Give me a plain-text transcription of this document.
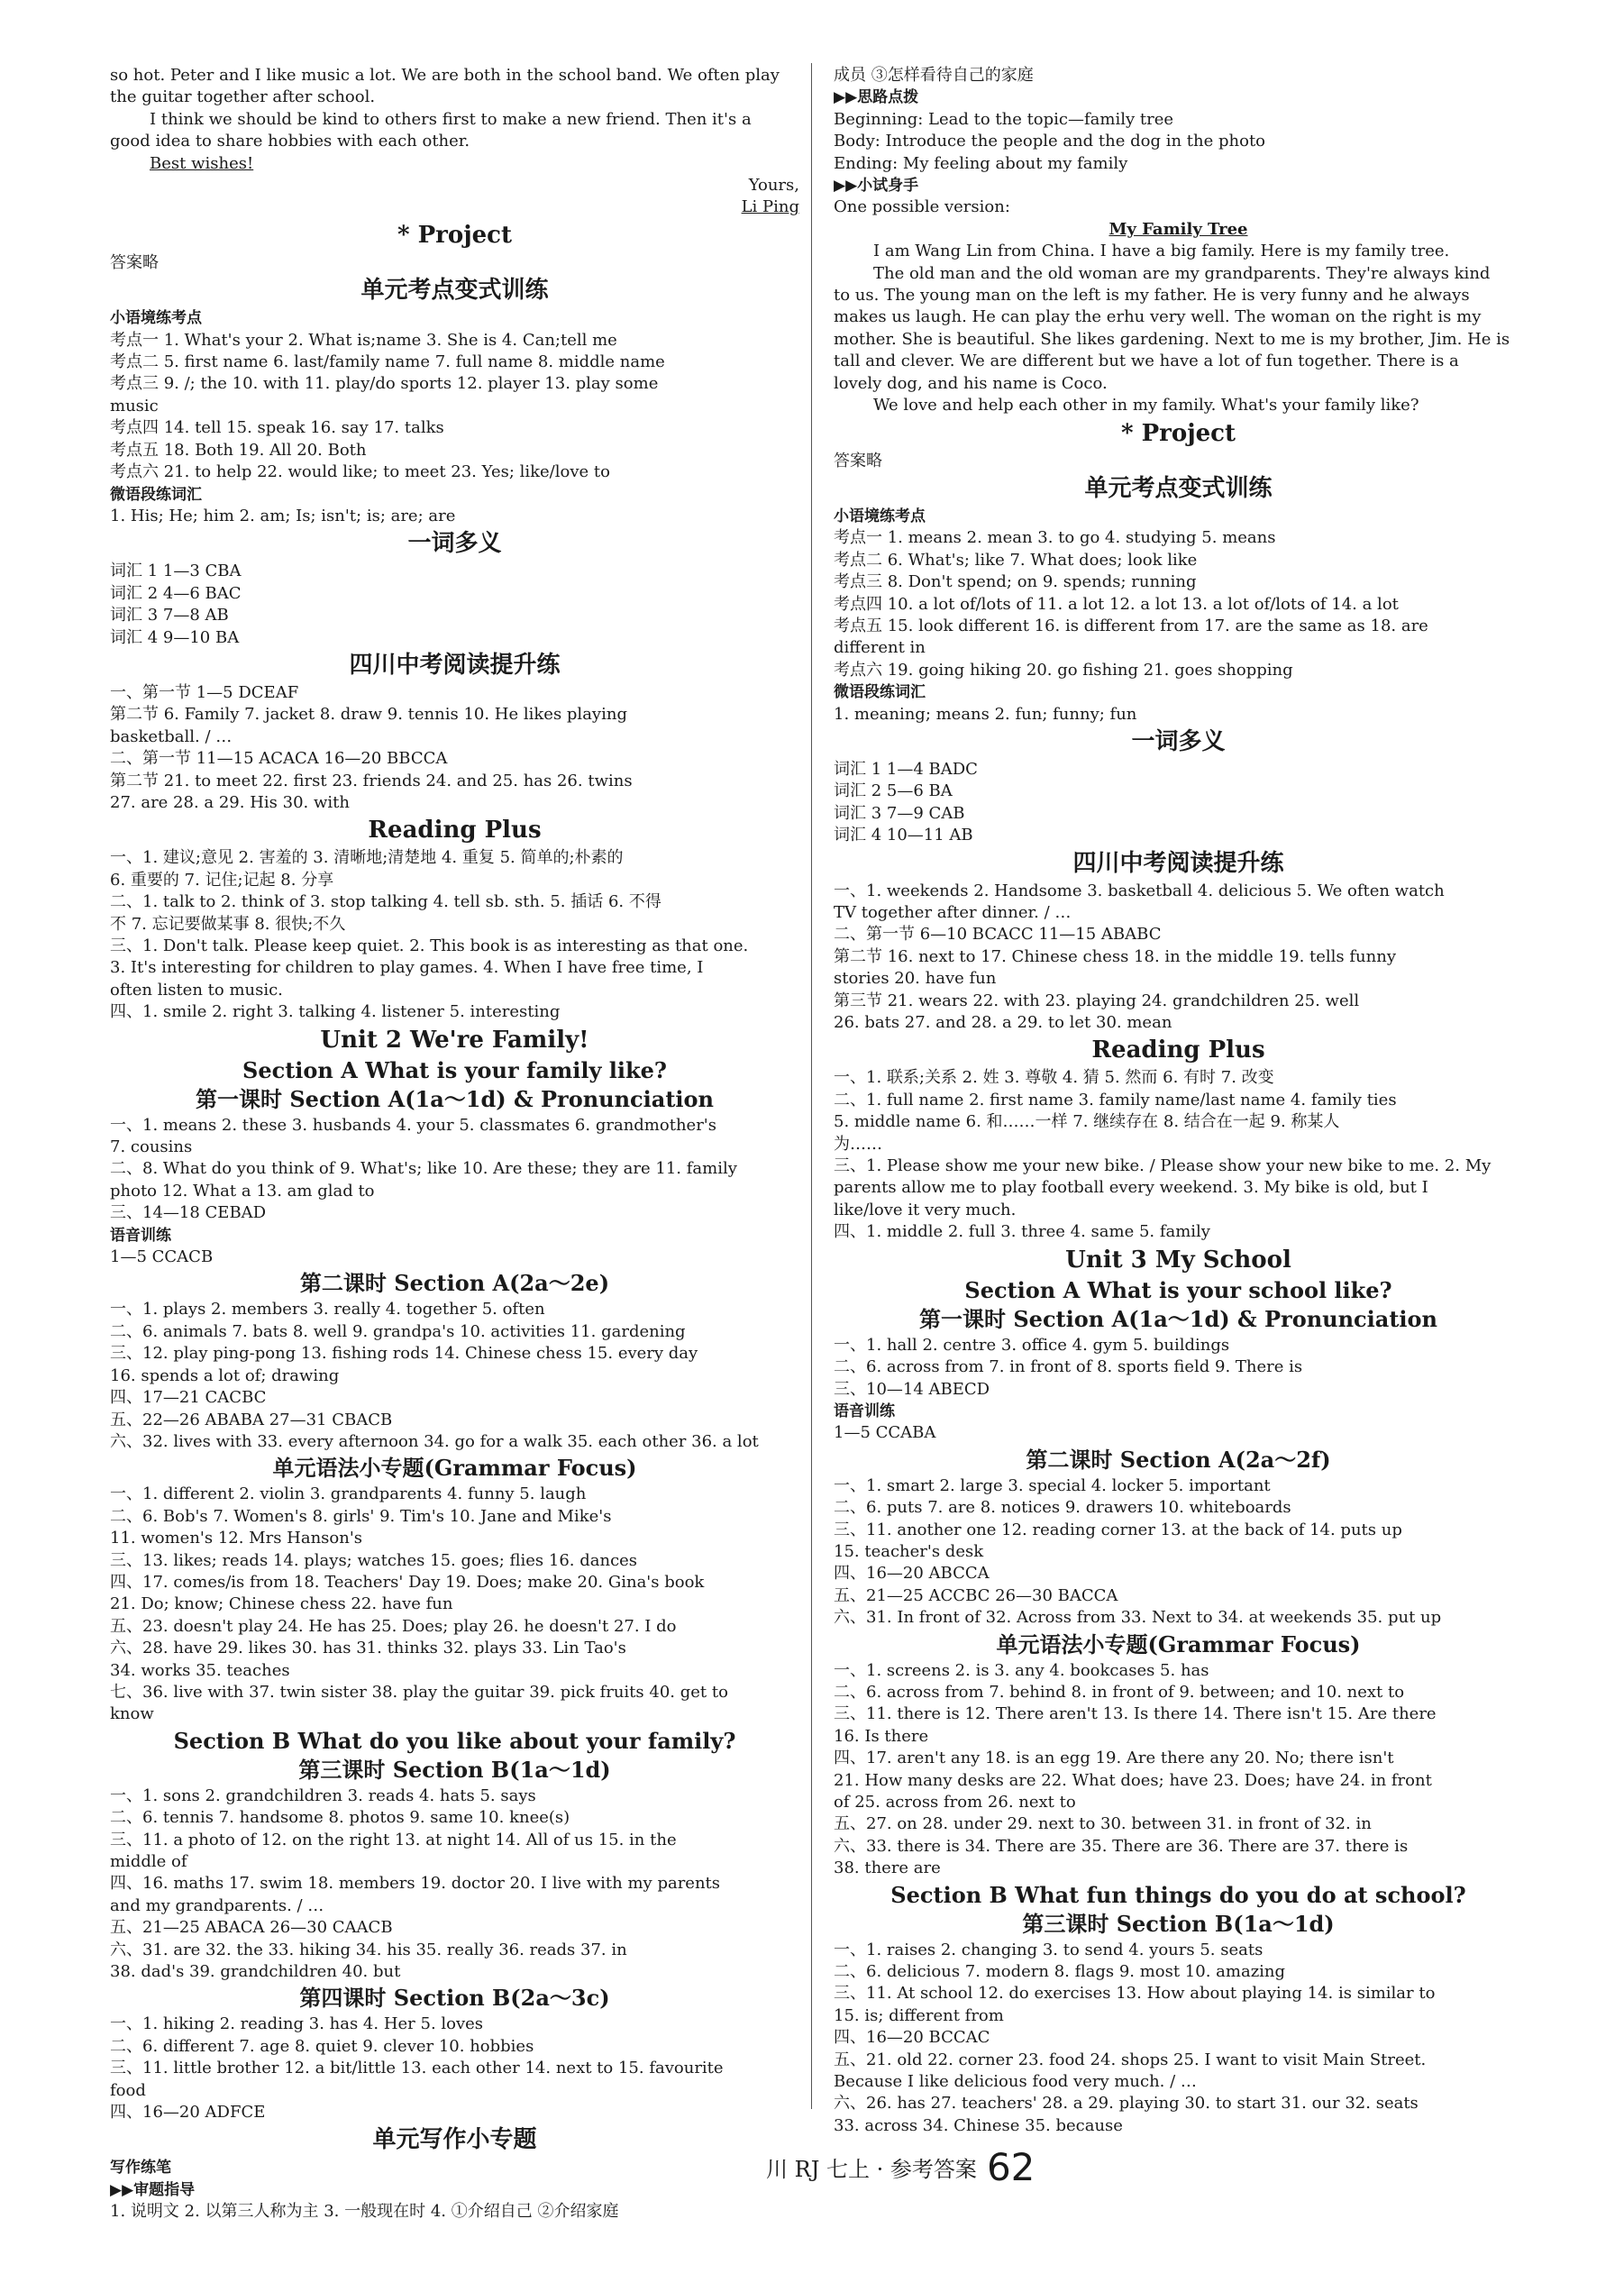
so hot. Peter and I like music a lot. We are both in the school band. We often play
the guitar together after school.
I think we should be kind to others first to make a new friend. Then it's a
good idea to share hobbies with each other.
Best wishes!
Yours,
Li Ping
* Project
答案略
单元考点变式训练
小语境练考点
考点一 1. What's your 2. What is;name 3. She is 4. Can;tell me
考点二 5. first name 6. last/family name 7. full name 8. middle name
考点三 9. /; the 10. with 11. play/do sports 12. player 13. play some
music
考点四 14. tell 15. speak 16. say 17. talks
考点五 18. Both 19. All 20. Both
考点六 21. to help 22. would like; to meet 23. Yes; like/love to
微语段练词汇
1. His; He; him 2. am; Is; isn't; is; are; are
一词多义
词汇 1 1—3 CBA
词汇 2 4—6 BAC
词汇 3 7—8 AB
词汇 4 9—10 BA
四川中考阅读提升练
一、第一节 1—5 DCEAF
第二节 6. Family 7. jacket 8. draw 9. tennis 10. He likes playing
basketball. / …
二、第一节 11—15 ACACA 16—20 BBCCA
第二节 21. to meet 22. first 23. friends 24. and 25. has 26. twins
27. are 28. a 29. His 30. with
Reading Plus
一、1. 建议;意见 2. 害羞的 3. 清晰地;清楚地 4. 重复 5. 简单的;朴素的
6. 重要的 7. 记住;记起 8. 分享
二、1. talk to 2. think of 3. stop talking 4. tell sb. sth. 5. 插话 6. 不得
不 7. 忘记要做某事 8. 很快;不久
三、1. Don't talk. Please keep quiet. 2. This book is as interesting as that one.
3. It's interesting for children to play games. 4. When I have free time, I
often listen to music.
四、1. smile 2. right 3. talking 4. listener 5. interesting
Unit 2 We're Family!
Section A What is your family like?
第一课时 Section A(1a～1d) & Pronunciation
一、1. means 2. these 3. husbands 4. your 5. classmates 6. grandmother's
7. cousins
二、8. What do you think of 9. What's; like 10. Are these; they are 11. family
photo 12. What a 13. am glad to
三、14—18 CEBAD
语音训练
1—5 CCACB
第二课时 Section A(2a～2e)
一、1. plays 2. members 3. really 4. together 5. often
二、6. animals 7. bats 8. well 9. grandpa's 10. activities 11. gardening
三、12. play ping-pong 13. fishing rods 14. Chinese chess 15. every day
16. spends a lot of; drawing
四、17—21 CACBC
五、22—26 ABABA 27—31 CBACB
六、32. lives with 33. every afternoon 34. go for a walk 35. each other 36. a lot
单元语法小专题(Grammar Focus)
一、1. different 2. violin 3. grandparents 4. funny 5. laugh
二、6. Bob's 7. Women's 8. girls' 9. Tim's 10. Jane and Mike's
11. women's 12. Mrs Hanson's
三、13. likes; reads 14. plays; watches 15. goes; flies 16. dances
四、17. comes/is from 18. Teachers' Day 19. Does; make 20. Gina's book
21. Do; know; Chinese chess 22. have fun
五、23. doesn't play 24. He has 25. Does; play 26. he doesn't 27. I do
六、28. have 29. likes 30. has 31. thinks 32. plays 33. Lin Tao's
34. works 35. teaches
七、36. live with 37. twin sister 38. play the guitar 39. pick fruits 40. get to
know
Section B What do you like about your family?
第三课时 Section B(1a～1d)
一、1. sons 2. grandchildren 3. reads 4. hats 5. says
二、6. tennis 7. handsome 8. photos 9. same 10. knee(s)
三、11. a photo of 12. on the right 13. at night 14. All of us 15. in the
middle of
四、16. maths 17. swim 18. members 19. doctor 20. I live with my parents
and my grandparents. / …
五、21—25 ABACA 26—30 CAACB
六、31. are 32. the 33. hiking 34. his 35. really 36. reads 37. in
38. dad's 39. grandchildren 40. but
第四课时 Section B(2a～3c)
一、1. hiking 2. reading 3. has 4. Her 5. loves
二、6. different 7. age 8. quiet 9. clever 10. hobbies
三、11. little brother 12. a bit/little 13. each other 14. next to 15. favourite
food
四、16—20 ADFCE
单元写作小专题
写作练笔
▶▶审题指导
1. 说明文 2. 以第三人称为主 3. 一般现在时 4. ①介绍自己 ②介绍家庭
成员 ③怎样看待自己的家庭
▶▶思路点拨
Beginning: Lead to the topic—family tree
Body: Introduce the people and the dog in the photo
Ending: My feeling about my family
▶▶小试身手
One possible version:
My Family Tree
I am Wang Lin from China. I have a big family. Here is my family tree.
The old man and the old woman are my grandparents. They're always kind
to us. The young man on the left is my father. He is very funny and he always
makes us laugh. He can play the erhu very well. The woman on the right is my
mother. She is beautiful. She likes gardening. Next to me is my brother, Jim. He is
tall and clever. We are different but we have a lot of fun together. There is a
lovely dog, and his name is Coco.
We love and help each other in my family. What's your family like?
* Project
答案略
单元考点变式训练
小语境练考点
考点一 1. means 2. mean 3. to go 4. studying 5. means
考点二 6. What's; like 7. What does; look like
考点三 8. Don't spend; on 9. spends; running
考点四 10. a lot of/lots of 11. a lot 12. a lot 13. a lot of/lots of 14. a lot
考点五 15. look different 16. is different from 17. are the same as 18. are
different in
考点六 19. going hiking 20. go fishing 21. goes shopping
微语段练词汇
1. meaning; means 2. fun; funny; fun
一词多义
词汇 1 1—4 BADC
词汇 2 5—6 BA
词汇 3 7—9 CAB
词汇 4 10—11 AB
四川中考阅读提升练
一、1. weekends 2. Handsome 3. basketball 4. delicious 5. We often watch
TV together after dinner. / …
二、第一节 6—10 BCACC 11—15 ABABC
第二节 16. next to 17. Chinese chess 18. in the middle 19. tells funny
stories 20. have fun
第三节 21. wears 22. with 23. playing 24. grandchildren 25. well
26. bats 27. and 28. a 29. to let 30. mean
Reading Plus
一、1. 联系;关系 2. 姓 3. 尊敬 4. 猜 5. 然而 6. 有时 7. 改变
二、1. full name 2. first name 3. family name/last name 4. family ties
5. middle name 6. 和……一样 7. 继续存在 8. 结合在一起 9. 称某人
为……
三、1. Please show me your new bike. / Please show your new bike to me. 2. My
parents allow me to play football every weekend. 3. My bike is old, but I
like/love it very much.
四、1. middle 2. full 3. three 4. same 5. family
Unit 3 My School
Section A What is your school like?
第一课时 Section A(1a～1d) & Pronunciation
一、1. hall 2. centre 3. office 4. gym 5. buildings
二、6. across from 7. in front of 8. sports field 9. There is
三、10—14 ABECD
语音训练
1—5 CCABA
第二课时 Section A(2a～2f)
一、1. smart 2. large 3. special 4. locker 5. important
二、6. puts 7. are 8. notices 9. drawers 10. whiteboards
三、11. another one 12. reading corner 13. at the back of 14. puts up
15. teacher's desk
四、16—20 ABCCA
五、21—25 ACCBC 26—30 BACCA
六、31. In front of 32. Across from 33. Next to 34. at weekends 35. put up
单元语法小专题(Grammar Focus)
一、1. screens 2. is 3. any 4. bookcases 5. has
二、6. across from 7. behind 8. in front of 9. between; and 10. next to
三、11. there is 12. There aren't 13. Is there 14. There isn't 15. Are there
16. Is there
四、17. aren't any 18. is an egg 19. Are there any 20. No; there isn't
21. How many desks are 22. What does; have 23. Does; have 24. in front
of 25. across from 26. next to
五、27. on 28. under 29. next to 30. between 31. in front of 32. in
六、33. there is 34. There are 35. There are 36. There are 37. there is
38. there are
Section B What fun things do you do at school?
第三课时 Section B(1a～1d)
一、1. raises 2. changing 3. to send 4. yours 5. seats
二、6. delicious 7. modern 8. flags 9. most 10. amazing
三、11. At school 12. do exercises 13. How about playing 14. is similar to
15. is; different from
四、16—20 BCCAC
五、21. old 22. corner 23. food 24. shops 25. I want to visit Main Street.
Because I like delicious food very much. / …
六、26. has 27. teachers' 28. a 29. playing 30. to start 31. our 32. seats
33. across 34. Chinese 35. because
川 RJ 七上 · 参考答案 62
